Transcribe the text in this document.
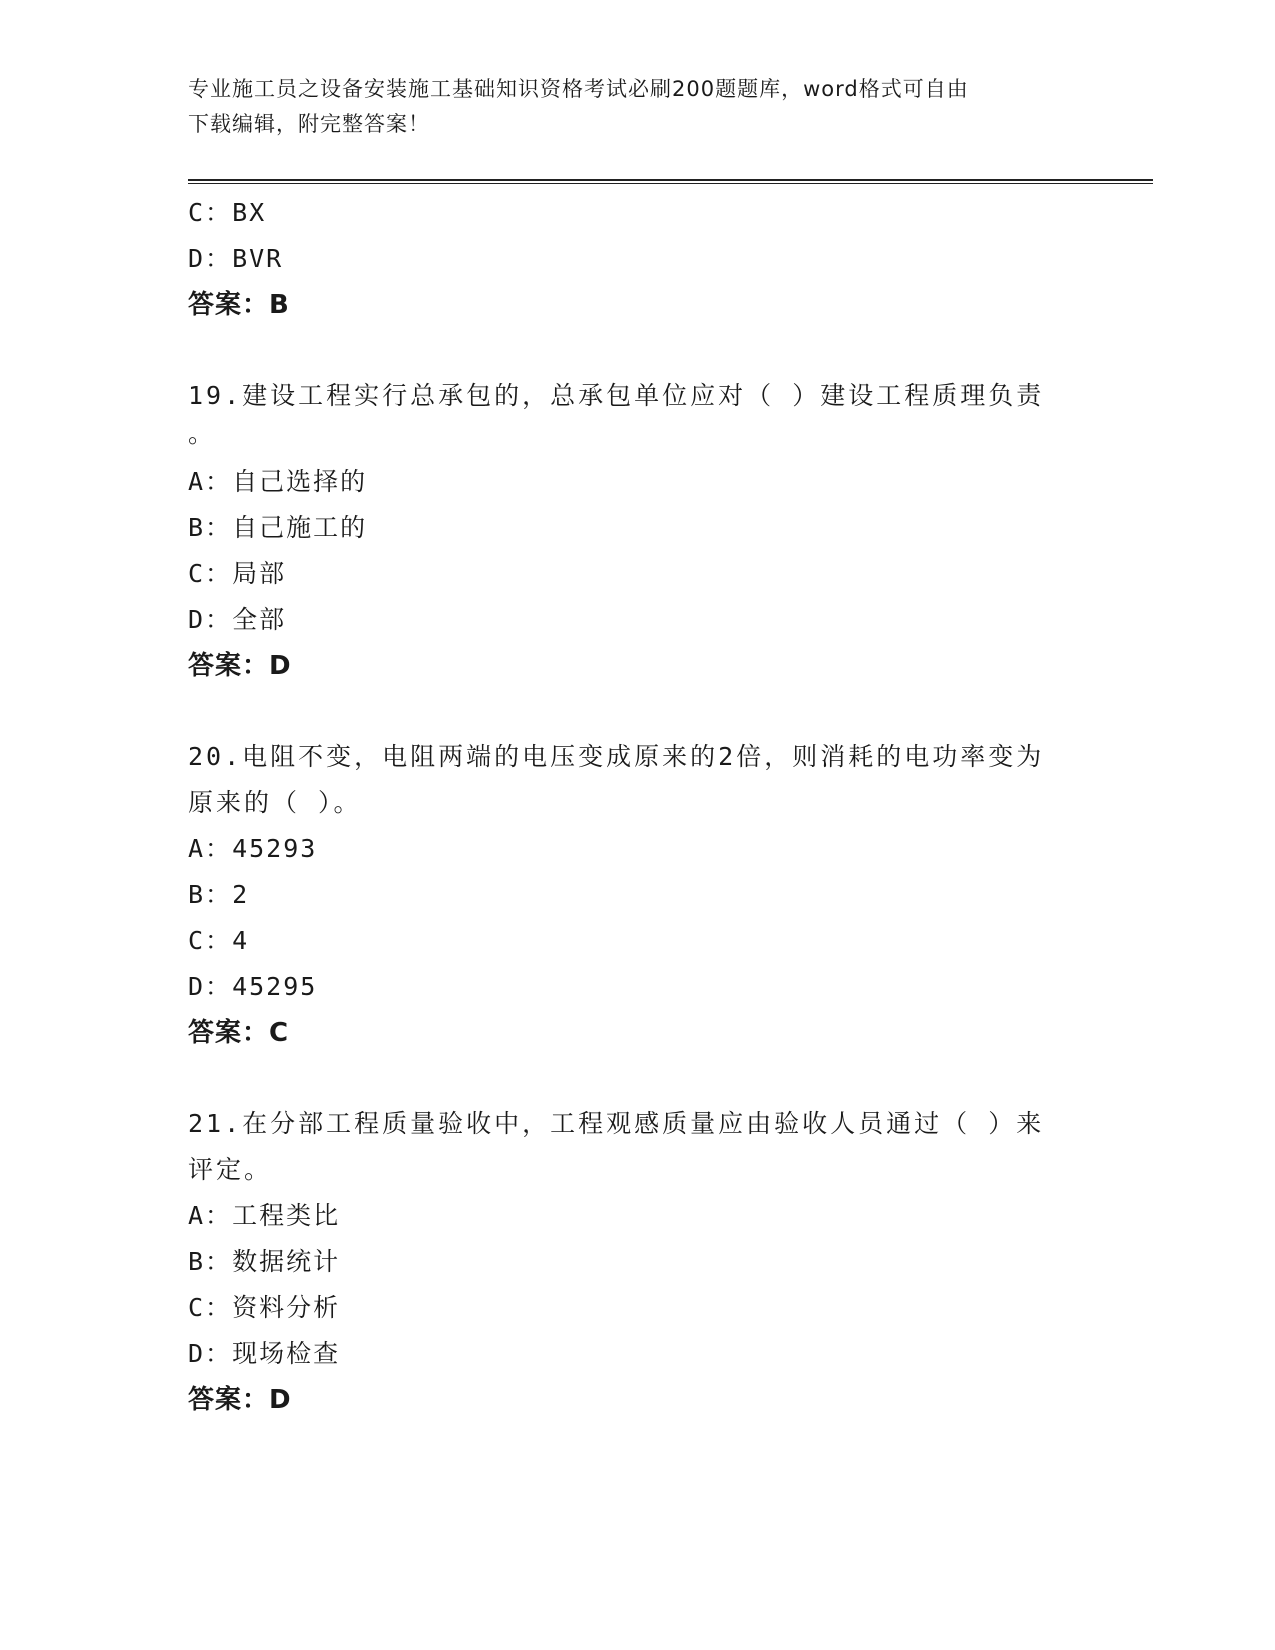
专业施工员之设备安装施工基础知识资格考试必刷200题题库，word格式可自由
下载编辑，附完整答案！
C：BX
D：BVR
答案：B
19.建设工程实行总承包的，总承包单位应对（ ）建设工程质理负责
。
A：自己选择的
B：自己施工的
C：局部
D：全部
答案：D
20.电阻不变，电阻两端的电压变成原来的2倍，则消耗的电功率变为
原来的（ ）。
A：45293
B：2
C：4
D：45295
答案：C
21.在分部工程质量验收中，工程观感质量应由验收人员通过（ ）来
评定。
A：工程类比
B：数据统计
C：资料分析
D：现场检查
答案：D
